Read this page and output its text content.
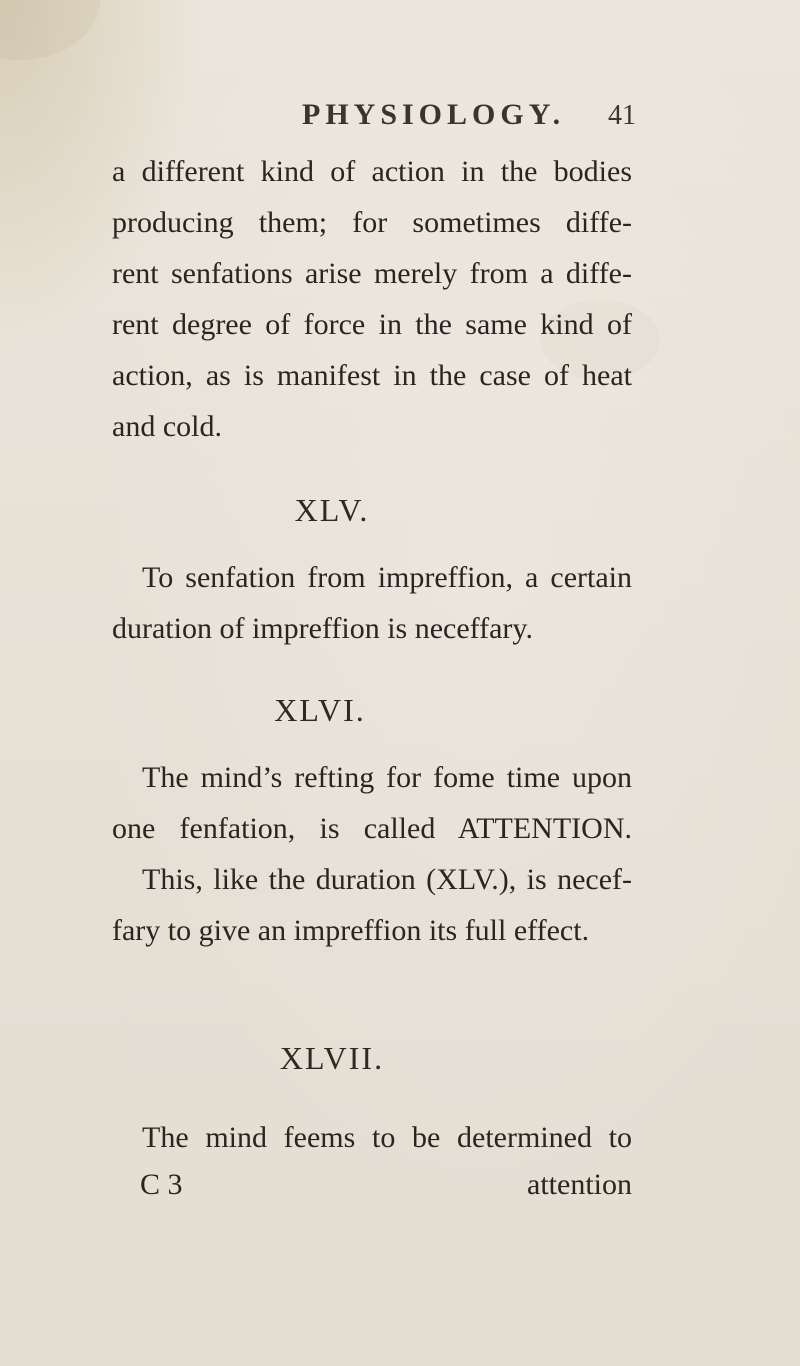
PHYSIOLOGY. 41
a different kind of action in the bodies
producing them; for sometimes diffe-
rent senfations arise merely from a diffe-
rent degree of force in the same kind of
action, as is manifest in the case of heat
and cold.
XLV.
To senfation from impreffion, a certain
duration of impreffion is neceffary.
XLVI.
The mind’s refting for fome time upon
one fenfation, is called ATTENTION.
This, like the duration (XLV.), is necef-
fary to give an impreffion its full effect.
XLVII.
The mind feems to be determined to
C 3	attention
